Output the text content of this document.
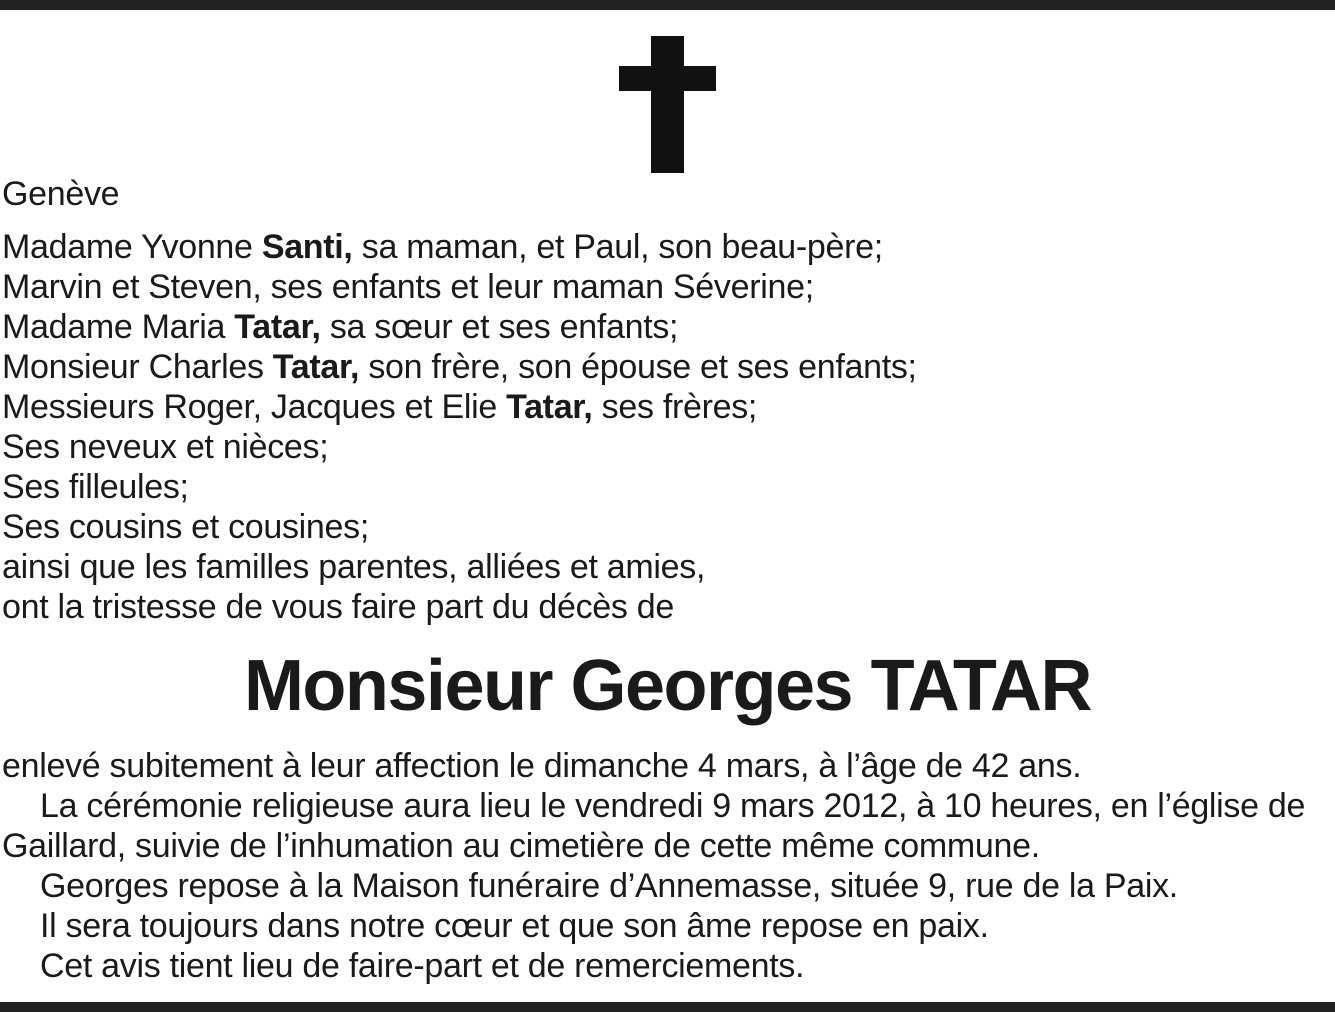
Genève
Madame Yvonne Santi, sa maman, et Paul, son beau-père;
Marvin et Steven, ses enfants et leur maman Séverine;
Madame Maria Tatar, sa sœur et ses enfants;
Monsieur Charles Tatar, son frère, son épouse et ses enfants;
Messieurs Roger, Jacques et Elie Tatar, ses frères;
Ses neveux et nièces;
Ses filleules;
Ses cousins et cousines;
ainsi que les familles parentes, alliées et amies,
ont la tristesse de vous faire part du décès de
Monsieur Georges TATAR
enlevé subitement à leur affection le dimanche 4 mars, à l’âge de 42 ans.
La cérémonie religieuse aura lieu le vendredi 9 mars 2012, à 10 heures, en l’église de
Gaillard, suivie de l’inhumation au cimetière de cette même commune.
Georges repose à la Maison funéraire d’Annemasse, située 9, rue de la Paix.
Il sera toujours dans notre cœur et que son âme repose en paix.
Cet avis tient lieu de faire-part et de remerciements.
